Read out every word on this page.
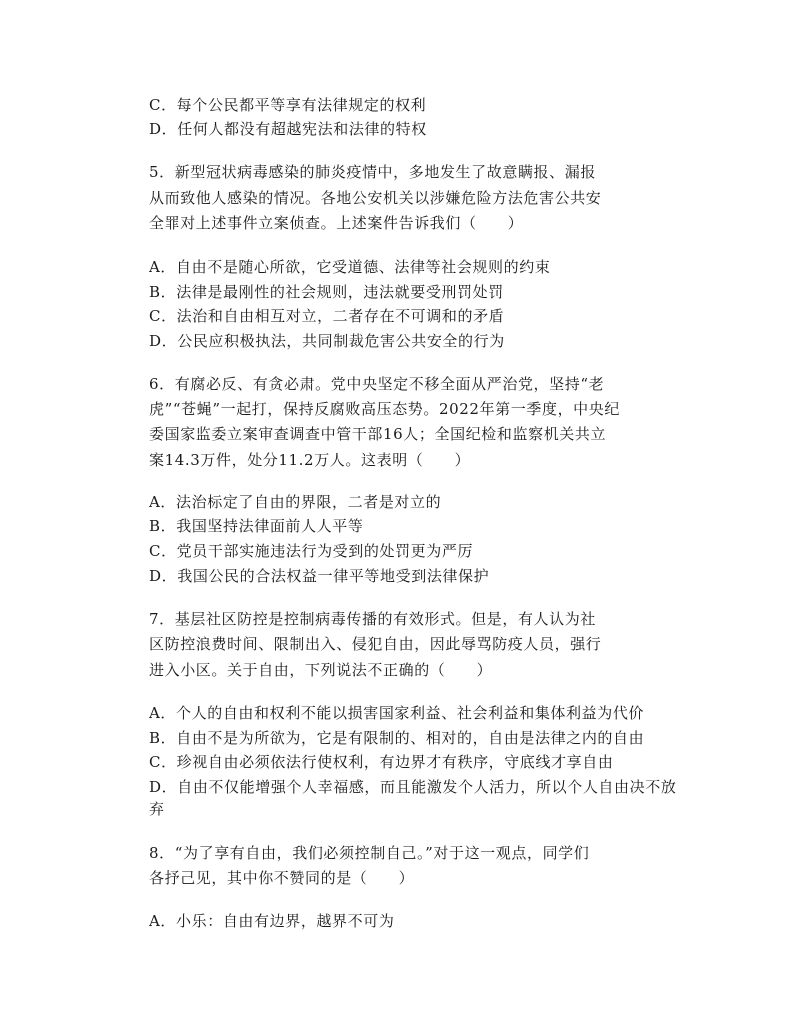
C．每个公民都平等享有法律规定的权利
D．任何人都没有超越宪法和法律的特权
5．新型冠状病毒感染的肺炎疫情中，多地发生了故意瞒报、漏报
从而致他人感染的情况。各地公安机关以涉嫌危险方法危害公共安
全罪对上述事件立案侦查。上述案件告诉我们（　　）
A．自由不是随心所欲，它受道德、法律等社会规则的约束
B．法律是最刚性的社会规则，违法就要受刑罚处罚
C．法治和自由相互对立，二者存在不可调和的矛盾
D．公民应积极执法，共同制裁危害公共安全的行为
6．有腐必反、有贪必肃。党中央坚定不移全面从严治党，坚持“老
虎”“苍蝇”一起打，保持反腐败高压态势。2022年第一季度，中央纪
委国家监委立案审查调查中管干部16人；全国纪检和监察机关共立
案14.3万件，处分11.2万人。这表明（　　）
A．法治标定了自由的界限，二者是对立的
B．我国坚持法律面前人人平等
C．党员干部实施违法行为受到的处罚更为严厉
D．我国公民的合法权益一律平等地受到法律保护
7．基层社区防控是控制病毒传播的有效形式。但是，有人认为社
区防控浪费时间、限制出入、侵犯自由，因此辱骂防疫人员，强行
进入小区。关于自由，下列说法不正确的（　　）
A．个人的自由和权利不能以损害国家利益、社会利益和集体利益为代价
B．自由不是为所欲为，它是有限制的、相对的，自由是法律之内的自由
C．珍视自由必须依法行使权利，有边界才有秩序，守底线才享自由
D．自由不仅能增强个人幸福感，而且能激发个人活力，所以个人自由决不放
弃
8．“为了享有自由，我们必须控制自己。”对于这一观点，同学们
各抒己见，其中你不赞同的是（　　）
A．小乐：自由有边界，越界不可为
